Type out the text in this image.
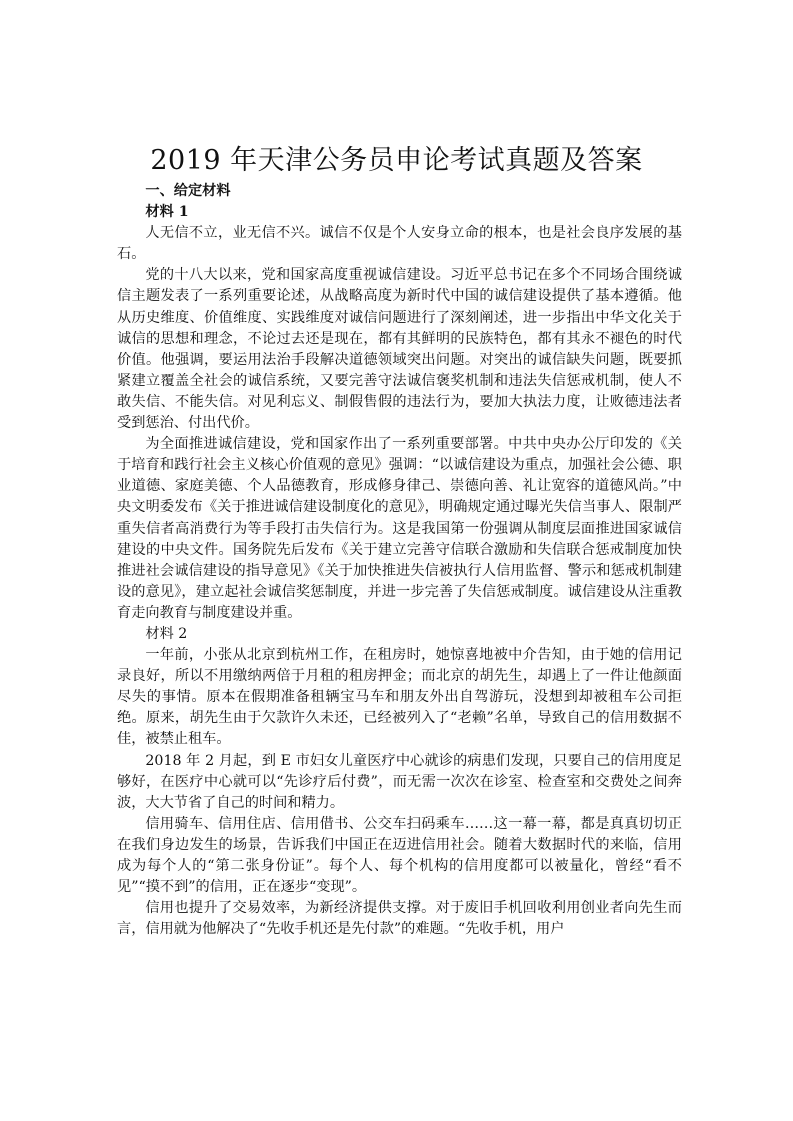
2019 年天津公务员申论考试真题及答案

一、给定材料

材料 1

人无信不立，业无信不兴。诚信不仅是个人安身立命的根本，也是社会良序发展的基石。

党的十八大以来，党和国家高度重视诚信建设。习近平总书记在多个不同场合围绕诚信主题发表了一系列重要论述，从战略高度为新时代中国的诚信建设提供了基本遵循。他从历史维度、价值维度、实践维度对诚信问题进行了深刻阐述，进一步指出中华文化关于诚信的思想和理念，不论过去还是现在，都有其鲜明的民族特色，都有其永不褪色的时代价值。他强调，要运用法治手段解决道德领域突出问题。对突出的诚信缺失问题，既要抓紧建立覆盖全社会的诚信系统，又要完善守法诚信褒奖机制和违法失信惩戒机制，使人不敢失信、不能失信。对见利忘义、制假售假的违法行为，要加大执法力度，让败德违法者受到惩治、付出代价。

为全面推进诚信建设，党和国家作出了一系列重要部署。中共中央办公厅印发的《关于培育和践行社会主义核心价值观的意见》强调：“以诚信建设为重点，加强社会公德、职业道德、家庭美德、个人品德教育，形成修身律己、崇德向善、礼让宽容的道德风尚。”中央文明委发布《关于推进诚信建设制度化的意见》，明确规定通过曝光失信当事人、限制严重失信者高消费行为等手段打击失信行为。这是我国第一份强调从制度层面推进国家诚信建设的中央文件。国务院先后发布《关于建立完善守信联合激励和失信联合惩戒制度加快推进社会诚信建设的指导意见》《关于加快推进失信被执行人信用监督、警示和惩戒机制建设的意见》，建立起社会诚信奖惩制度，并进一步完善了失信惩戒制度。诚信建设从注重教育走向教育与制度建设并重。

材料 2

一年前，小张从北京到杭州工作，在租房时，她惊喜地被中介告知，由于她的信用记录良好，所以不用缴纳两倍于月租的租房押金；而北京的胡先生，却遇上了一件让他颜面尽失的事情。原本在假期准备租辆宝马车和朋友外出自驾游玩，没想到却被租车公司拒绝。原来，胡先生由于欠款许久未还，已经被列入了“老赖”名单，导致自己的信用数据不佳，被禁止租车。

2018 年 2 月起，到 E 市妇女儿童医疗中心就诊的病患们发现，只要自己的信用度足够好，在医疗中心就可以“先诊疗后付费”，而无需一次次在诊室、检查室和交费处之间奔波，大大节省了自己的时间和精力。

信用骑车、信用住店、信用借书、公交车扫码乘车……这一幕一幕，都是真真切切正在我们身边发生的场景，告诉我们中国正在迈进信用社会。随着大数据时代的来临，信用成为每个人的“第二张身份证”。每个人、每个机构的信用度都可以被量化，曾经“看不见”“摸不到”的信用，正在逐步“变现”。

信用也提升了交易效率，为新经济提供支撑。对于废旧手机回收利用创业者向先生而言，信用就为他解决了“先收手机还是先付款”的难题。“先收手机，用户
